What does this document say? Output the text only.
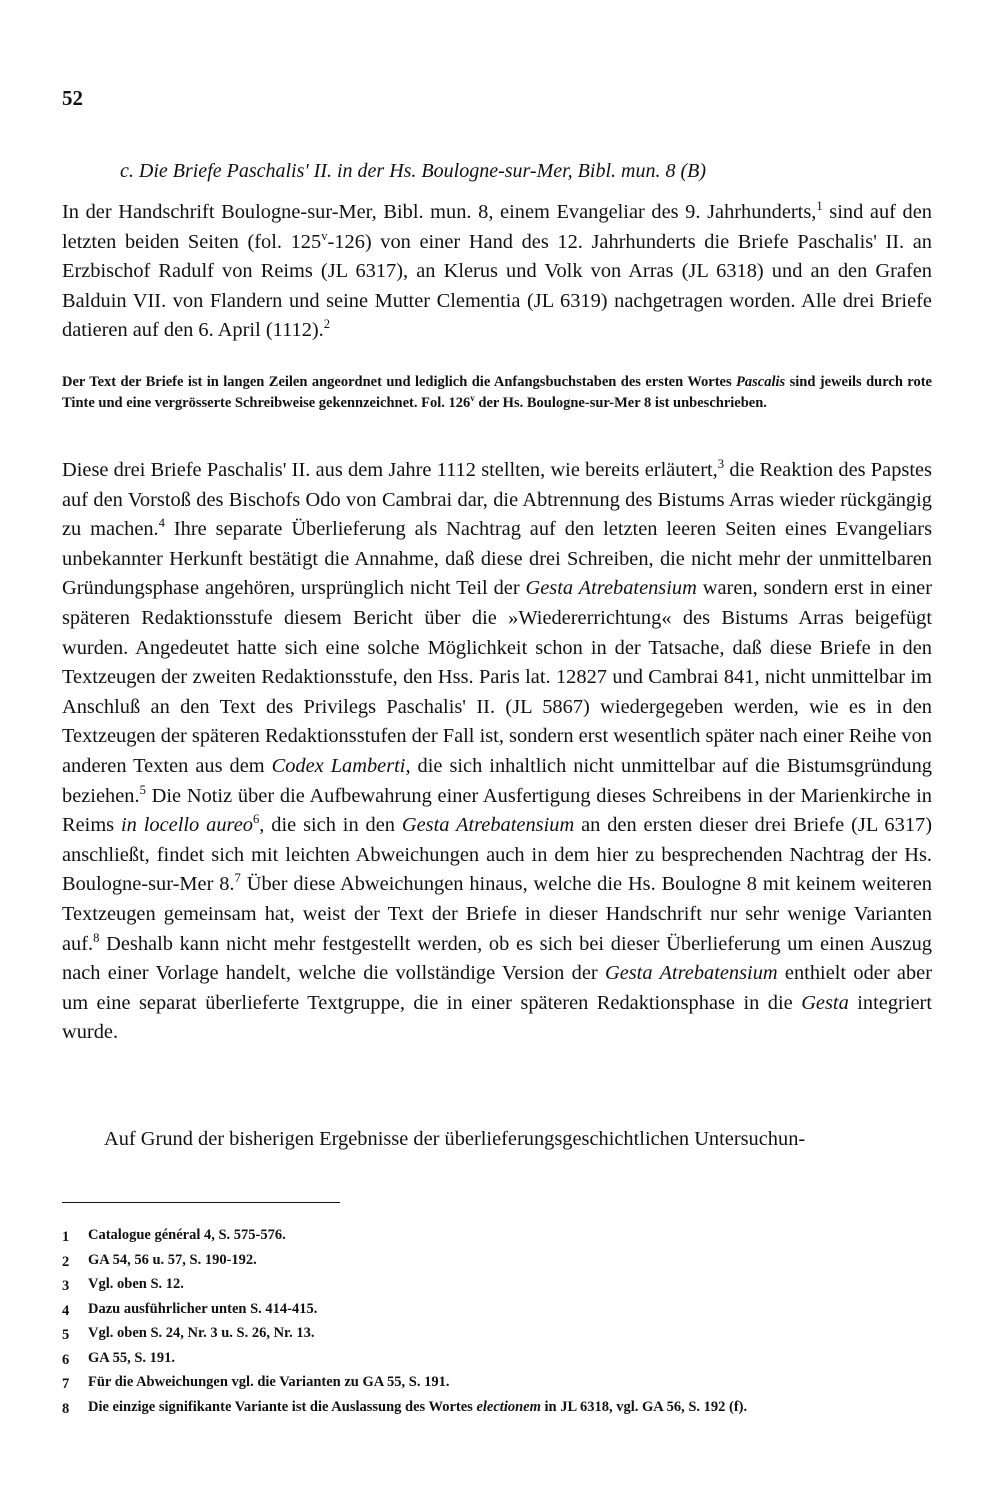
52
c. Die Briefe Paschalis' II. in der Hs. Boulogne-sur-Mer, Bibl. mun. 8 (B)
In der Handschrift Boulogne-sur-Mer, Bibl. mun. 8, einem Evangeliar des 9. Jahrhunderts,$^1$ sind auf den letzten beiden Seiten (fol. 125$^v$-126) von einer Hand des 12. Jahrhunderts die Briefe Paschalis' II. an Erzbischof Radulf von Reims (JL 6317), an Klerus und Volk von Arras (JL 6318) und an den Grafen Balduin VII. von Flandern und seine Mutter Clementia (JL 6319) nachgetragen worden. Alle drei Briefe datieren auf den 6. April (1112).$^2$
Der Text der Briefe ist in langen Zeilen angeordnet und lediglich die Anfangsbuchstaben des ersten Wortes Pascalis sind jeweils durch rote Tinte und eine vergrösserte Schreibweise gekennzeichnet. Fol. 126$^v$ der Hs. Boulogne-sur-Mer 8 ist unbeschrieben.
Diese drei Briefe Paschalis' II. aus dem Jahre 1112 stellten, wie bereits erläutert,$^3$ die Reaktion des Papstes auf den Vorstoß des Bischofs Odo von Cambrai dar, die Abtrennung des Bistums Arras wieder rückgängig zu machen.$^4$ Ihre separate Überlieferung als Nachtrag auf den letzten leeren Seiten eines Evangeliars unbekannter Herkunft bestätigt die Annahme, daß diese drei Schreiben, die nicht mehr der unmittelbaren Gründungsphase angehören, ursprünglich nicht Teil der Gesta Atrebatensium waren, sondern erst in einer späteren Redaktionsstufe diesem Bericht über die »Wiedererrichtung« des Bistums Arras beigefügt wurden. Angedeutet hatte sich eine solche Möglichkeit schon in der Tatsache, daß diese Briefe in den Textzeugen der zweiten Redaktionsstufe, den Hss. Paris lat. 12827 und Cambrai 841, nicht unmittelbar im Anschluß an den Text des Privilegs Paschalis' II. (JL 5867) wiedergegeben werden, wie es in den Textzeugen der späteren Redaktionsstufen der Fall ist, sondern erst wesentlich später nach einer Reihe von anderen Texten aus dem Codex Lamberti, die sich inhaltlich nicht unmittelbar auf die Bistumsgründung beziehen.$^5$ Die Notiz über die Aufbewahrung einer Ausfertigung dieses Schreibens in der Marienkirche in Reims in locello aureo$^6$, die sich in den Gesta Atrebatensium an den ersten dieser drei Briefe (JL 6317) anschließt, findet sich mit leichten Abweichungen auch in dem hier zu besprechenden Nachtrag der Hs. Boulogne-sur-Mer 8.$^7$ Über diese Abweichungen hinaus, welche die Hs. Boulogne 8 mit keinem weiteren Textzeugen gemeinsam hat, weist der Text der Briefe in dieser Handschrift nur sehr wenige Varianten auf.$^8$ Deshalb kann nicht mehr festgestellt werden, ob es sich bei dieser Überlieferung um einen Auszug nach einer Vorlage handelt, welche die vollständige Version der Gesta Atrebatensium enthielt oder aber um eine separat überlieferte Textgruppe, die in einer späteren Redaktionsphase in die Gesta integriert wurde.
Auf Grund der bisherigen Ergebnisse der überlieferungsgeschichtlichen Untersuchun-
1	Catalogue général 4, S. 575-576.
2	GA 54, 56 u. 57, S. 190-192.
3	Vgl. oben S. 12.
4	Dazu ausführlicher unten S. 414-415.
5	Vgl. oben S. 24, Nr. 3 u. S. 26, Nr. 13.
6	GA 55, S. 191.
7	Für die Abweichungen vgl. die Varianten zu GA 55, S. 191.
8	Die einzige signifikante Variante ist die Auslassung des Wortes electionem in JL 6318, vgl. GA 56, S. 192 (f).
